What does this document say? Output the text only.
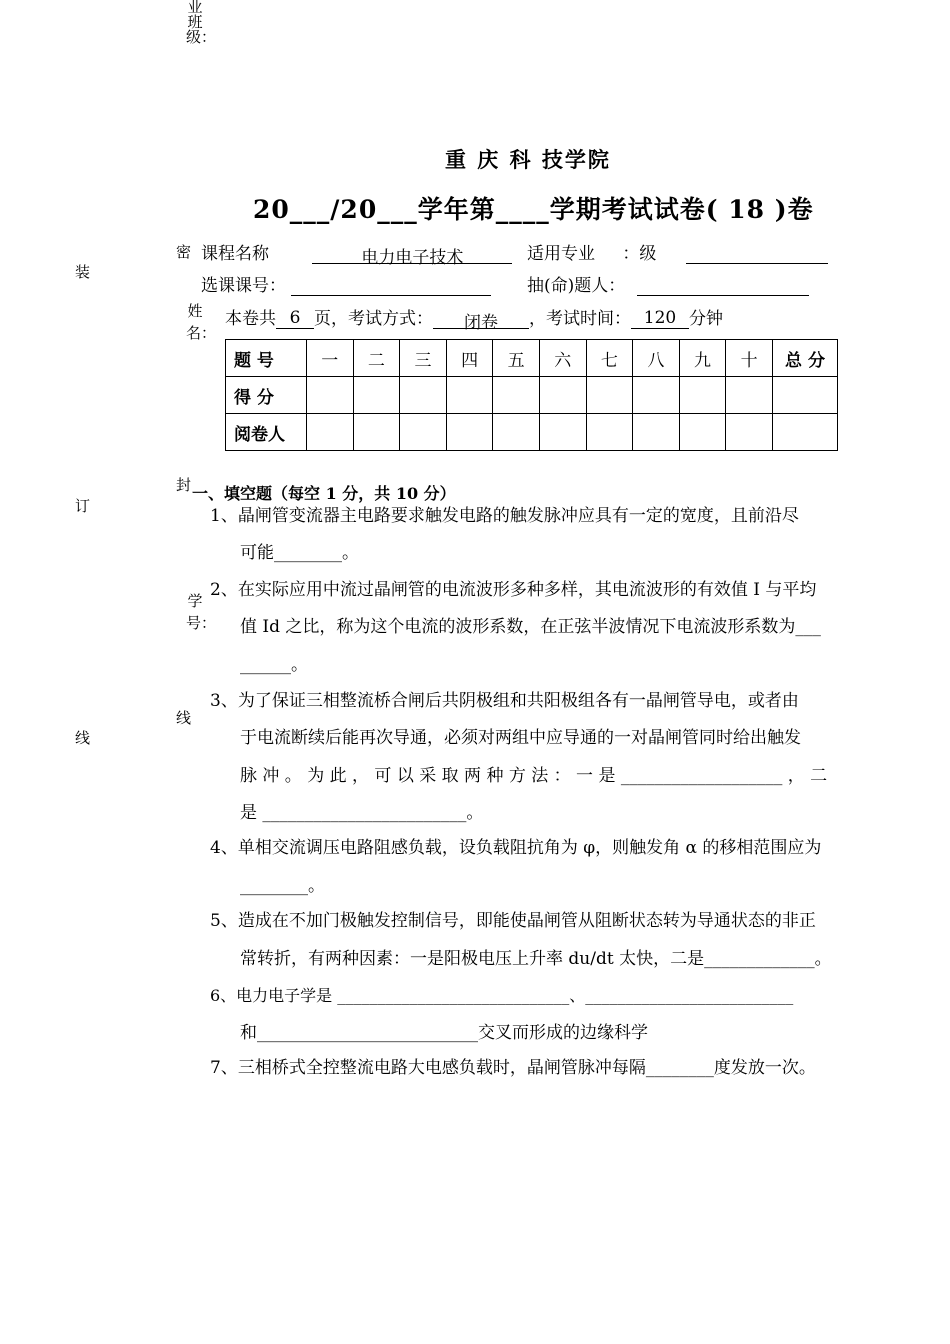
业班级：
装
订
线
密
姓名：
封
学号：
线
重 庆 科 技学院
20___/20___学年第____学期考试试卷( 18 )卷
课程名称	电力电子技术	适用专业 ：级
选课课号：	抽(命)题人：
本卷共 6 页，考试方式： 闭卷 ，考试时间： 120 分钟
题 号	一	二	三	四	五	六	七	八	九	十	总 分
得 分											
阅卷人											
一、填空题（每空 1 分，共 10 分）
1、晶闸管变流器主电路要求触发电路的触发脉冲应具有一定的宽度，且前沿尽
可能________。
2、在实际应用中流过晶闸管的电流波形多种多样，其电流波形的有效值 I 与平均
值 Id 之比，称为这个电流的波形系数，在正弦半波情况下电流波形系数为___
______。
3、为了保证三相整流桥合闸后共阴极组和共阳极组各有一晶闸管导电，或者由
于电流断续后能再次导通，必须对两组中应导通的一对晶闸管同时给出触发
脉 冲 。 为 此 ， 可 以 采 取 两 种 方 法 ： 一 是 ___________________ ， 二
是 ________________________。
4、单相交流调压电路阻感负载，设负载阻抗角为 φ，则触发角 α 的移相范围应为
________。
5、造成在不加门极触发控制信号，即能使晶闸管从阻断状态转为导通状态的非正
常转折，有两种因素：一是阳极电压上升率 du/dt 太快，二是_____________。
6、电力电子学是 _____________________________、__________________________
和__________________________交叉而形成的边缘科学
7、三相桥式全控整流电路大电感负载时，晶闸管脉冲每隔________度发放一次。
